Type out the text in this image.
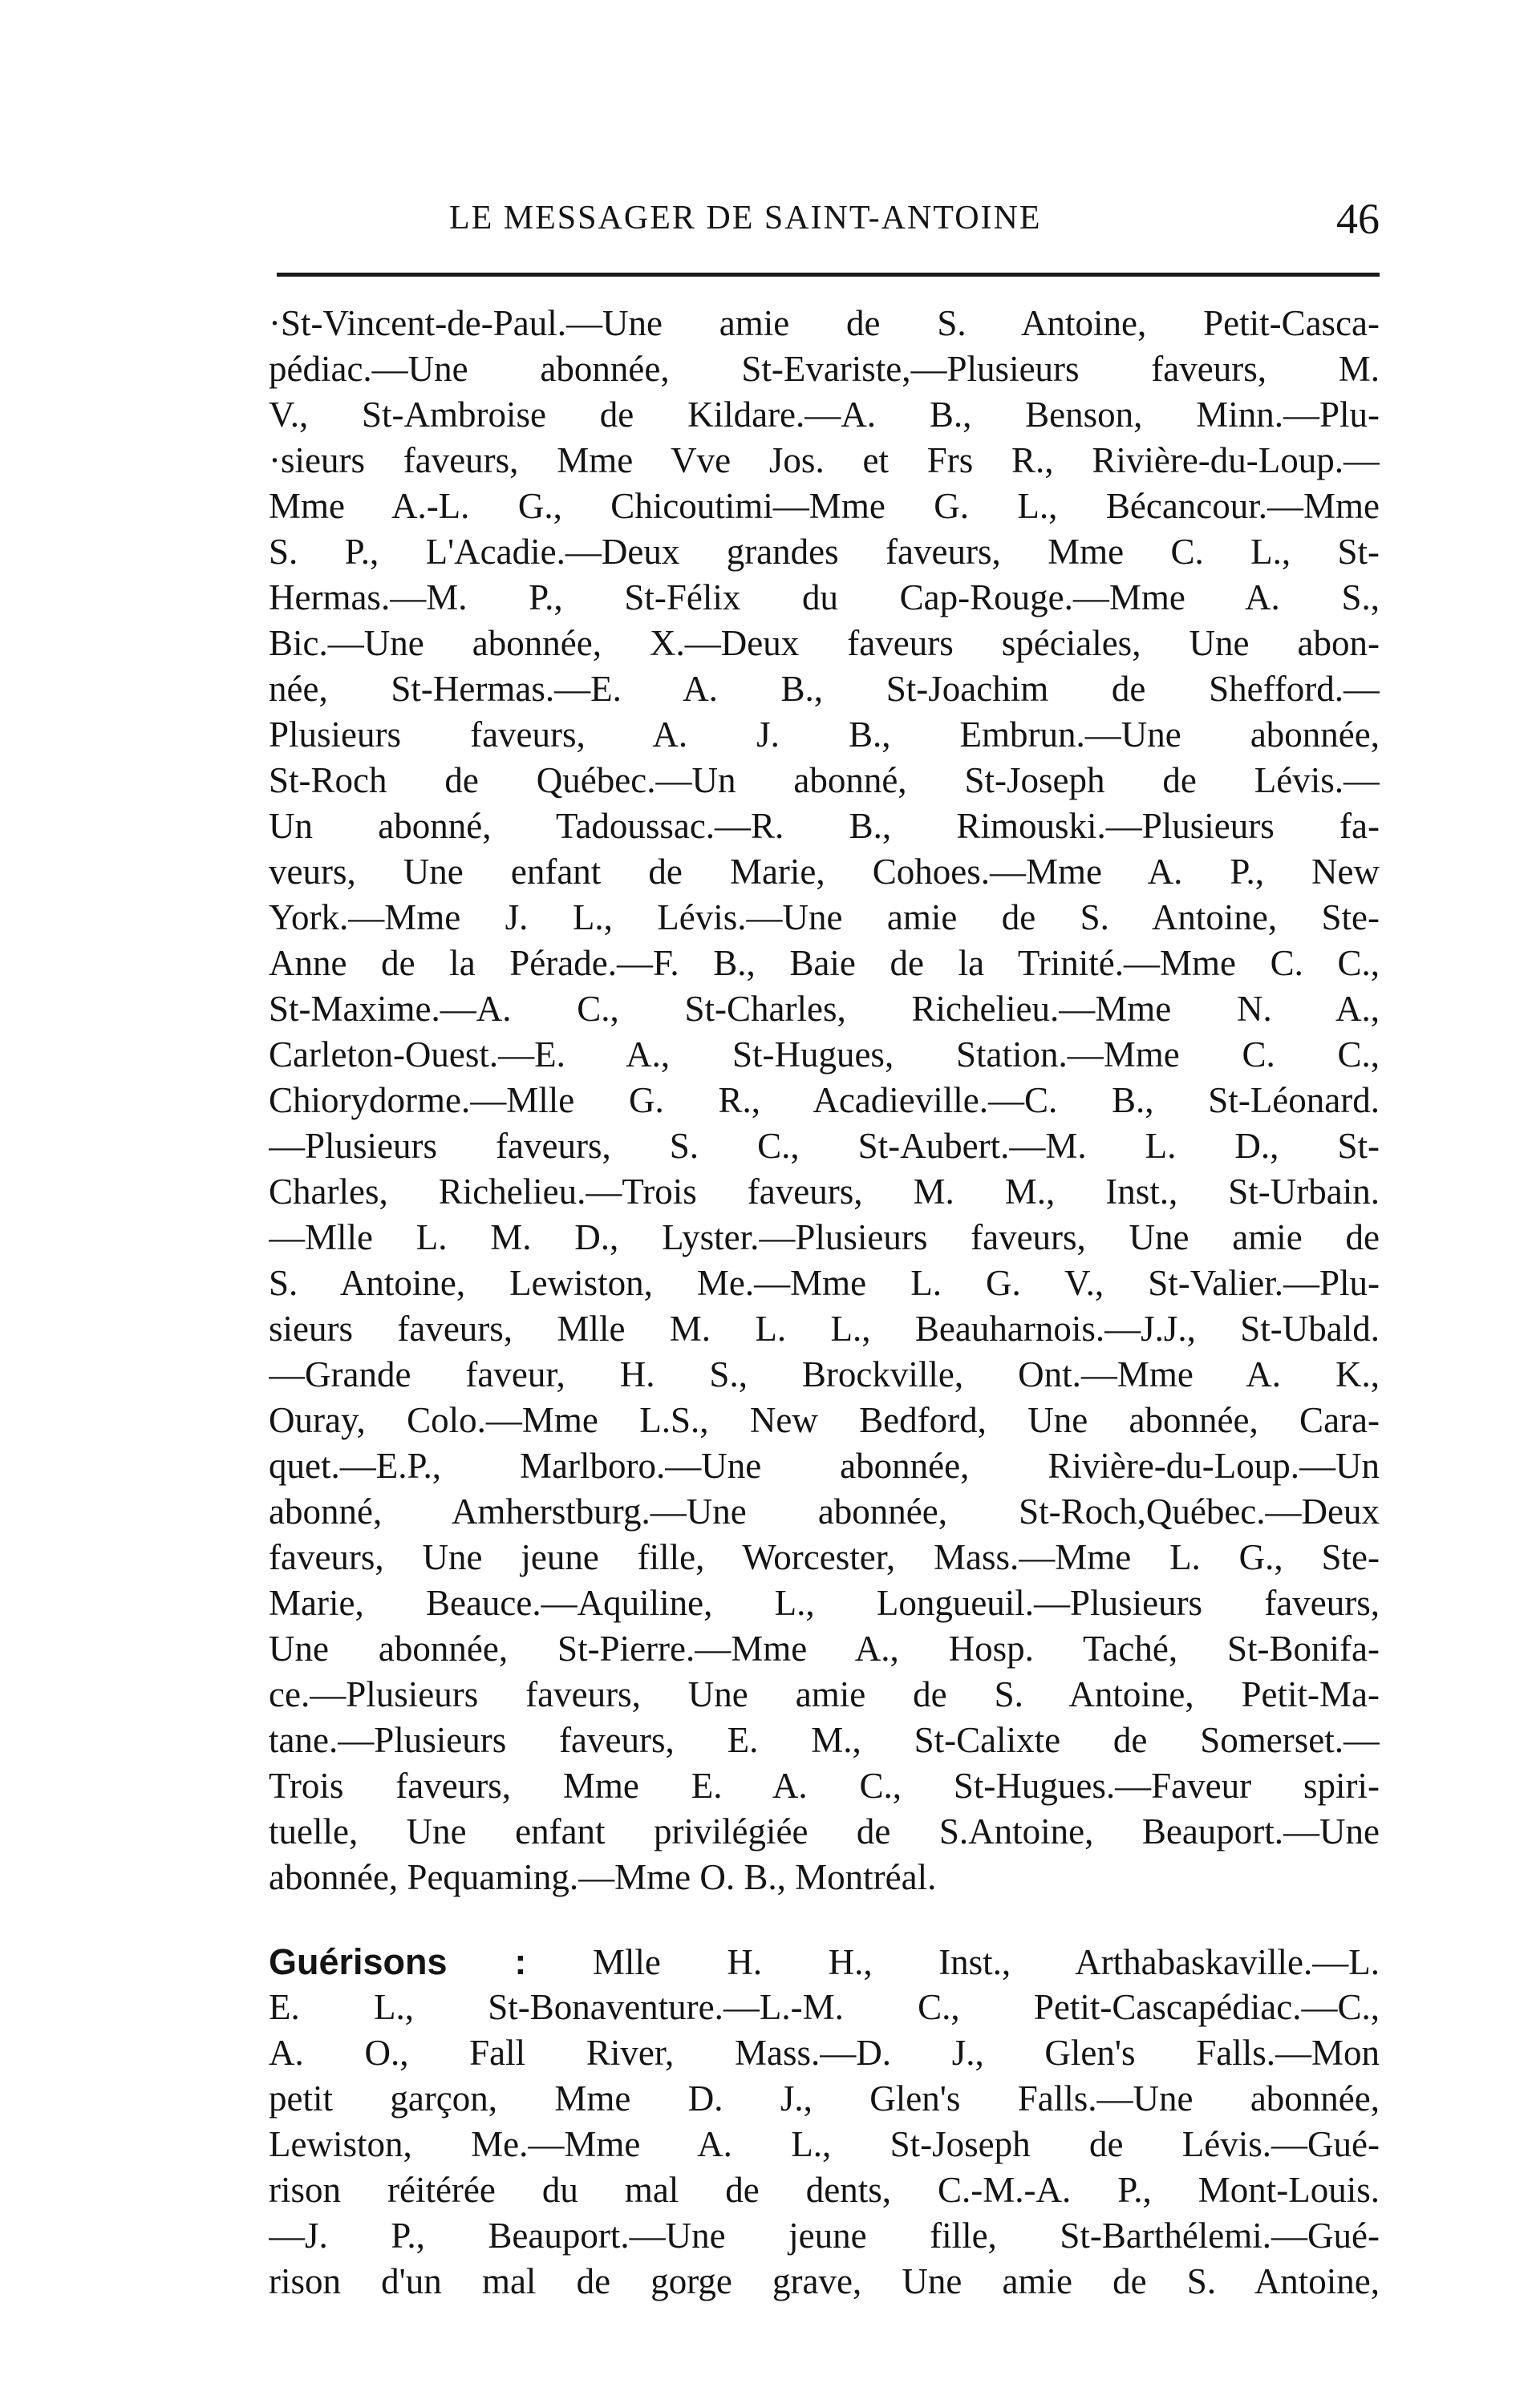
LE MESSAGER DE SAINT-ANTOINE	46
·St-Vincent-de-Paul.—Une amie de S. Antoine, Petit-Casca-
pédiac.—Une abonnée, St-Evariste,—Plusieurs faveurs, M.
V., St-Ambroise de Kildare.—A. B., Benson, Minn.—Plu-
·sieurs faveurs, Mme Vve Jos. et Frs R., Rivière-du-Loup.—
Mme A.-L. G., Chicoutimi—Mme G. L., Bécancour.—Mme
S. P., L'Acadie.—Deux grandes faveurs, Mme C. L., St-
Hermas.—M. P., St-Félix du Cap-Rouge.—Mme A. S.,
Bic.—Une abonnée, X.—Deux faveurs spéciales, Une abon-
née, St-Hermas.—E. A. B., St-Joachim de Shefford.—
Plusieurs faveurs, A. J. B., Embrun.—Une abonnée,
St-Roch de Québec.—Un abonné, St-Joseph de Lévis.—
Un abonné, Tadoussac.—R. B., Rimouski.—Plusieurs fa-
veurs, Une enfant de Marie, Cohoes.—Mme A. P., New
York.—Mme J. L., Lévis.—Une amie de S. Antoine, Ste-
Anne de la Pérade.—F. B., Baie de la Trinité.—Mme C. C.,
St-Maxime.—A. C., St-Charles, Richelieu.—Mme N. A.,
Carleton-Ouest.—E. A., St-Hugues, Station.—Mme C. C.,
Chiorydorme.—Mlle G. R., Acadieville.—C. B., St-Léonard.
—Plusieurs faveurs, S. C., St-Aubert.—M. L. D., St-
Charles, Richelieu.—Trois faveurs, M. M., Inst., St-Urbain.
—Mlle L. M. D., Lyster.—Plusieurs faveurs, Une amie de
S. Antoine, Lewiston, Me.—Mme L. G. V., St-Valier.—Plu-
sieurs faveurs, Mlle M. L. L., Beauharnois.—J.J., St-Ubald.
—Grande faveur, H. S., Brockville, Ont.—Mme A. K.,
Ouray, Colo.—Mme L.S., New Bedford, Une abonnée, Cara-
quet.—E.P., Marlboro.—Une abonnée, Rivière-du-Loup.—Un
abonné, Amherstburg.—Une abonnée, St-Roch,Québec.—Deux
faveurs, Une jeune fille, Worcester, Mass.—Mme L. G., Ste-
Marie, Beauce.—Aquiline, L., Longueuil.—Plusieurs faveurs,
Une abonnée, St-Pierre.—Mme A., Hosp. Taché, St-Bonifa-
ce.—Plusieurs faveurs, Une amie de S. Antoine, Petit-Ma-
tane.—Plusieurs faveurs, E. M., St-Calixte de Somerset.—
Trois faveurs, Mme E. A. C., St-Hugues.—Faveur spiri-
tuelle, Une enfant privilégiée de S.Antoine, Beauport.—Une
abonnée, Pequaming.—Mme O. B., Montréal.
Guérisons : Mlle H. H., Inst., Arthabaskaville.—L.
E. L., St-Bonaventure.—L.-M. C., Petit-Cascapédiac.—C.,
A. O., Fall River, Mass.—D. J., Glen's Falls.—Mon
petit garçon, Mme D. J., Glen's Falls.—Une abonnée,
Lewiston, Me.—Mme A. L., St-Joseph de Lévis.—Gué-
rison réitérée du mal de dents, C.-M.-A. P., Mont-Louis.
—J. P., Beauport.—Une jeune fille, St-Barthélemi.—Gué-
rison d'un mal de gorge grave, Une amie de S. Antoine,
